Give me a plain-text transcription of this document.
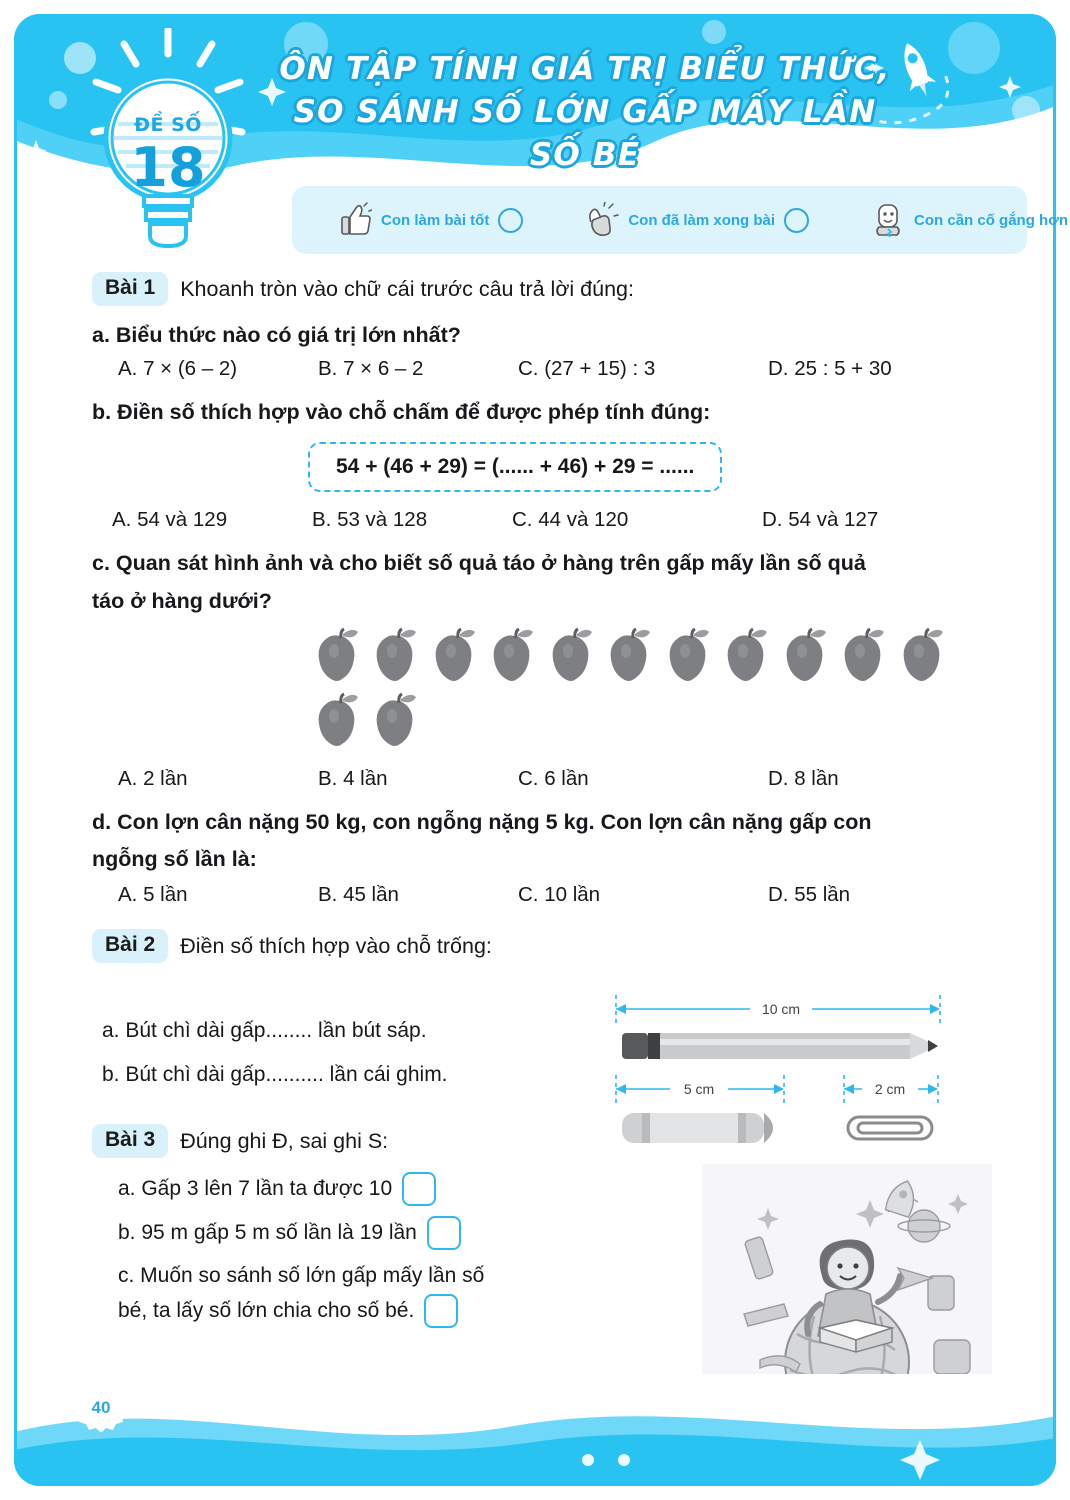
ÔN TẬP TÍNH GIÁ TRỊ BIỂU THỨC,
SO SÁNH SỐ LỚN GẤP MẤY LẦN SỐ BÉ
ĐỀ SỐ
18
Con làm bài tốt	Con đã làm xong bài	Con cần cố gắng hơn
Bài 1	Khoanh tròn vào chữ cái trước câu trả lời đúng:
a. Biểu thức nào có giá trị lớn nhất?
A. 7 × (6 – 2)	B. 7 × 6 – 2	C. (27 + 15) : 3	D. 25 : 5 + 30
b. Điền số thích hợp vào chỗ chấm để được phép tính đúng:
54 + (46 + 29) = (...... + 46) + 29 = ......
A. 54 và 129	B. 53 và 128	C. 44 và 120	D. 54 và 127
c. Quan sát hình ảnh và cho biết số quả táo ở hàng trên gấp mấy lần số quả
táo ở hàng dưới?

A. 2 lần	B. 4 lần	C. 6 lần	D. 8 lần
d. Con lợn cân nặng 50 kg, con ngỗng nặng 5 kg. Con lợn cân nặng gấp con
ngỗng số lần là:
A. 5 lần	B. 45 lần	C. 10 lần	D. 55 lần
Bài 2	Điền số thích hợp vào chỗ trống:
a. Bút chì dài gấp........ lần bút sáp.
b. Bút chì dài gấp.......... lần cái ghim.
10 cm
5 cm	2 cm
Bài 3	Đúng ghi Đ, sai ghi S:
a. Gấp 3 lên 7 lần ta được 10
b. 95 m gấp 5 m số lần là 19 lần
c. Muốn so sánh số lớn gấp mấy lần số
bé, ta lấy số lớn chia cho số bé.
40
